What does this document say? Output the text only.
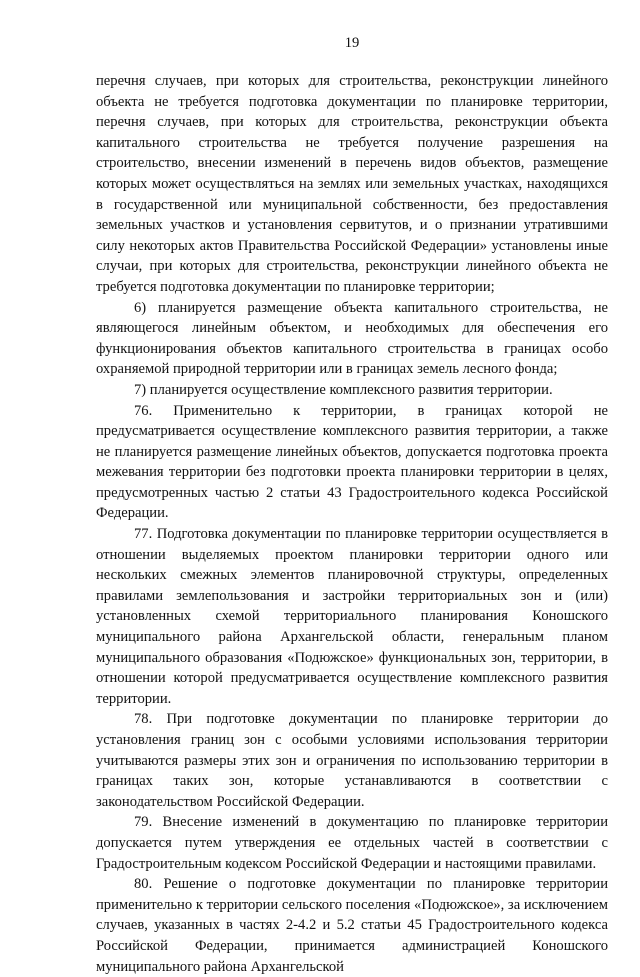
19

перечня случаев, при которых для строительства, реконструкции линейного объекта не требуется подготовка документации по планировке территории, перечня случаев, при которых для строительства, реконструкции объекта капитального строительства не требуется получение разрешения на строительство, внесении изменений в перечень видов объектов, размещение которых может осуществляться на землях или земельных участках, находящихся в государственной или муниципальной собственности, без предоставления земельных участков и установления сервитутов, и о признании утратившими силу некоторых актов Правительства Российской Федерации» установлены иные случаи, при которых для строительства, реконструкции линейного объекта не требуется подготовка документации по планировке территории;

6) планируется размещение объекта капитального строительства, не являющегося линейным объектом, и необходимых для обеспечения его функционирования объектов капитального строительства в границах особо охраняемой природной территории или в границах земель лесного фонда;

7) планируется осуществление комплексного развития территории.

76. Применительно к территории, в границах которой не предусматривается осуществление комплексного развития территории, а также не планируется размещение линейных объектов, допускается подготовка проекта межевания территории без подготовки проекта планировки территории в целях, предусмотренных частью 2 статьи 43 Градостроительного кодекса Российской Федерации.

77. Подготовка документации по планировке территории осуществляется в отношении выделяемых проектом планировки территории одного или нескольких смежных элементов планировочной структуры, определенных правилами землепользования и застройки территориальных зон и (или) установленных схемой территориального планирования Коношского муниципального района Архангельской области, генеральным планом муниципального образования «Подюжское» функциональных зон, территории, в отношении которой предусматривается осуществление комплексного развития территории.

78. При подготовке документации по планировке территории до установления границ зон с особыми условиями использования территории учитываются размеры этих зон и ограничения по использованию территории в границах таких зон, которые устанавливаются в соответствии с законодательством Российской Федерации.

79. Внесение изменений в документацию по планировке территории допускается путем утверждения ее отдельных частей в соответствии с Градостроительным кодексом Российской Федерации и настоящими правилами.

80. Решение о подготовке документации по планировке территории применительно к территории сельского поселения «Подюжское», за исключением случаев, указанных в частях 2-4.2 и 5.2 статьи 45 Градостроительного кодекса Российской Федерации, принимается администрацией Коношского муниципального района Архангельской
